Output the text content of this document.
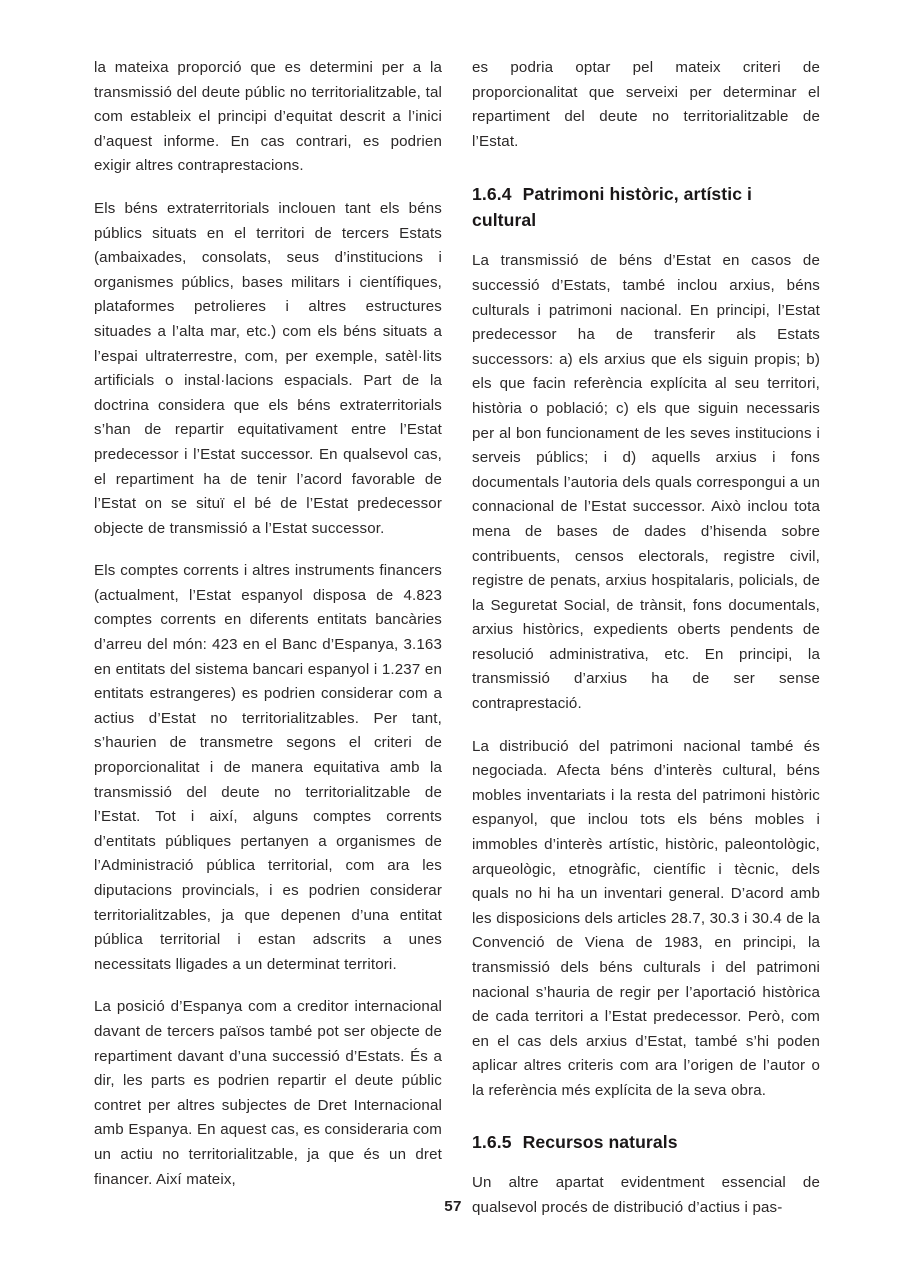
la mateixa proporció que es determini per a la transmissió del deute públic no territorialitzable, tal com estableix el principi d’equitat descrit a l’inici d’aquest informe. En cas contrari, es podrien exigir altres contraprestacions.

Els béns extraterritorials inclouen tant els béns públics situats en el territori de tercers Estats (ambaixades, consolats, seus d’institucions i organismes públics, bases militars i científiques, plataformes petrolieres i altres estructures situades a l’alta mar, etc.) com els béns situats a l’espai ultraterrestre, com, per exemple, satèl·lits artificials o instal·lacions espacials. Part de la doctrina considera que els béns extraterritorials s’han de repartir equitativament entre l’Estat predecessor i l’Estat successor. En qualsevol cas, el repartiment ha de tenir l’acord favorable de l’Estat on se situï el bé de l’Estat predecessor objecte de transmissió a l’Estat successor.

Els comptes corrents i altres instruments financers (actualment, l’Estat espanyol disposa de 4.823 comptes corrents en diferents entitats bancàries d’arreu del món: 423 en el Banc d’Espanya, 3.163 en entitats del sistema bancari espanyol i 1.237 en entitats estrangeres) es podrien considerar com a actius d’Estat no territorialitzables. Per tant, s’haurien de transmetre segons el criteri de proporcionalitat i de manera equitativa amb la transmissió del deute no territorialitzable de l’Estat. Tot i així, alguns comptes corrents d’entitats públiques pertanyen a organismes de l’Administració pública territorial, com ara les diputacions provincials, i es podrien considerar territorialitzables, ja que depenen d’una entitat pública territorial i estan adscrits a unes necessitats lligades a un determinat territori.

La posició d’Espanya com a creditor internacional davant de tercers països també pot ser objecte de repartiment davant d’una successió d’Estats. És a dir, les parts es podrien repartir el deute públic contret per altres subjectes de Dret Internacional amb Espanya. En aquest cas, es consideraria com un actiu no territorialitzable, ja que és un dret financer. Així mateix,

es podria optar pel mateix criteri de proporcionalitat que serveixi per determinar el repartiment del deute no territorialitzable de l’Estat.

1.6.4 Patrimoni històric, artístic i cultural

La transmissió de béns d’Estat en casos de successió d’Estats, també inclou arxius, béns culturals i patrimoni nacional. En principi, l’Estat predecessor ha de transferir als Estats successors: a) els arxius que els siguin propis; b) els que facin referència explícita al seu territori, història o població; c) els que siguin necessaris per al bon funcionament de les seves institucions i serveis públics; i d) aquells arxius i fons documentals l’autoria dels quals correspongui a un connacional de l’Estat successor. Això inclou tota mena de bases de dades d’hisenda sobre contribuents, censos electorals, registre civil, registre de penats, arxius hospitalaris, policials, de la Seguretat Social, de trànsit, fons documentals, arxius històrics, expedients oberts pendents de resolució administrativa, etc. En principi, la transmissió d’arxius ha de ser sense contraprestació.

La distribució del patrimoni nacional també és negociada. Afecta béns d’interès cultural, béns mobles inventariats i la resta del patrimoni històric espanyol, que inclou tots els béns mobles i immobles d’interès artístic, històric, paleontològic, arqueològic, etnogràfic, científic i tècnic, dels quals no hi ha un inventari general. D’acord amb les disposicions dels articles 28.7, 30.3 i 30.4 de la Convenció de Viena de 1983, en principi, la transmissió dels béns culturals i del patrimoni nacional s’hauria de regir per l’aportació històrica de cada territori a l’Estat predecessor. Però, com en el cas dels arxius d’Estat, també s’hi poden aplicar altres criteris com ara l’origen de l’autor o la referència més explícita de la seva obra.

1.6.5 Recursos naturals

Un altre apartat evidentment essencial de qualsevol procés de distribució d’actius i pas-

57
